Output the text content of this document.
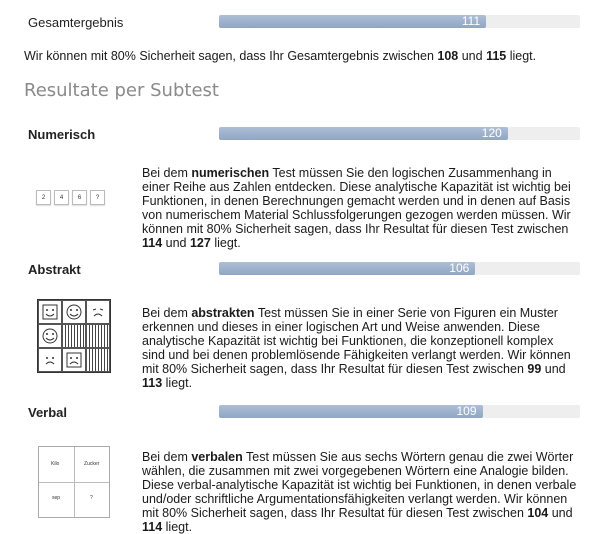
Gesamtergebnis	111
Wir können mit 80% Sicherheit sagen, dass Ihr Gesamtergebnis zwischen 108 und 115 liegt.
Resultate per Subtest
Numerisch	120
2	4	6	?
Bei dem numerischen Test müssen Sie den logischen Zusammenhang in einer Reihe aus Zahlen entdecken. Diese analytische Kapazität ist wichtig bei Funktionen, in denen Berechnungen gemacht werden und in denen auf Basis von numerischem Material Schlussfolgerungen gezogen werden müssen. Wir können mit 80% Sicherheit sagen, dass Ihr Resultat für diesen Test zwischen 114 und 127 liegt.
Abstrakt	106
Bei dem abstrakten Test müssen Sie in einer Serie von Figuren ein Muster erkennen und dieses in einer logischen Art und Weise anwenden. Diese analytische Kapazität ist wichtig bei Funktionen, die konzeptionell komplex sind und bei denen problemlösende Fähigkeiten verlangt werden. Wir können mit 80% Sicherheit sagen, dass Ihr Resultat für diesen Test zwischen 99 und 113 liegt.
Verbal	109
Kilo	Zucker
sep	?
Bei dem verbalen Test müssen Sie aus sechs Wörtern genau die zwei Wörter wählen, die zusammen mit zwei vorgegebenen Wörtern eine Analogie bilden. Diese verbal-analytische Kapazität ist wichtig bei Funktionen, in denen verbale und/oder schriftliche Argumentationsfähigkeiten verlangt werden. Wir können mit 80% Sicherheit sagen, dass Ihr Resultat für diesen Test zwischen 104 und 114 liegt.
